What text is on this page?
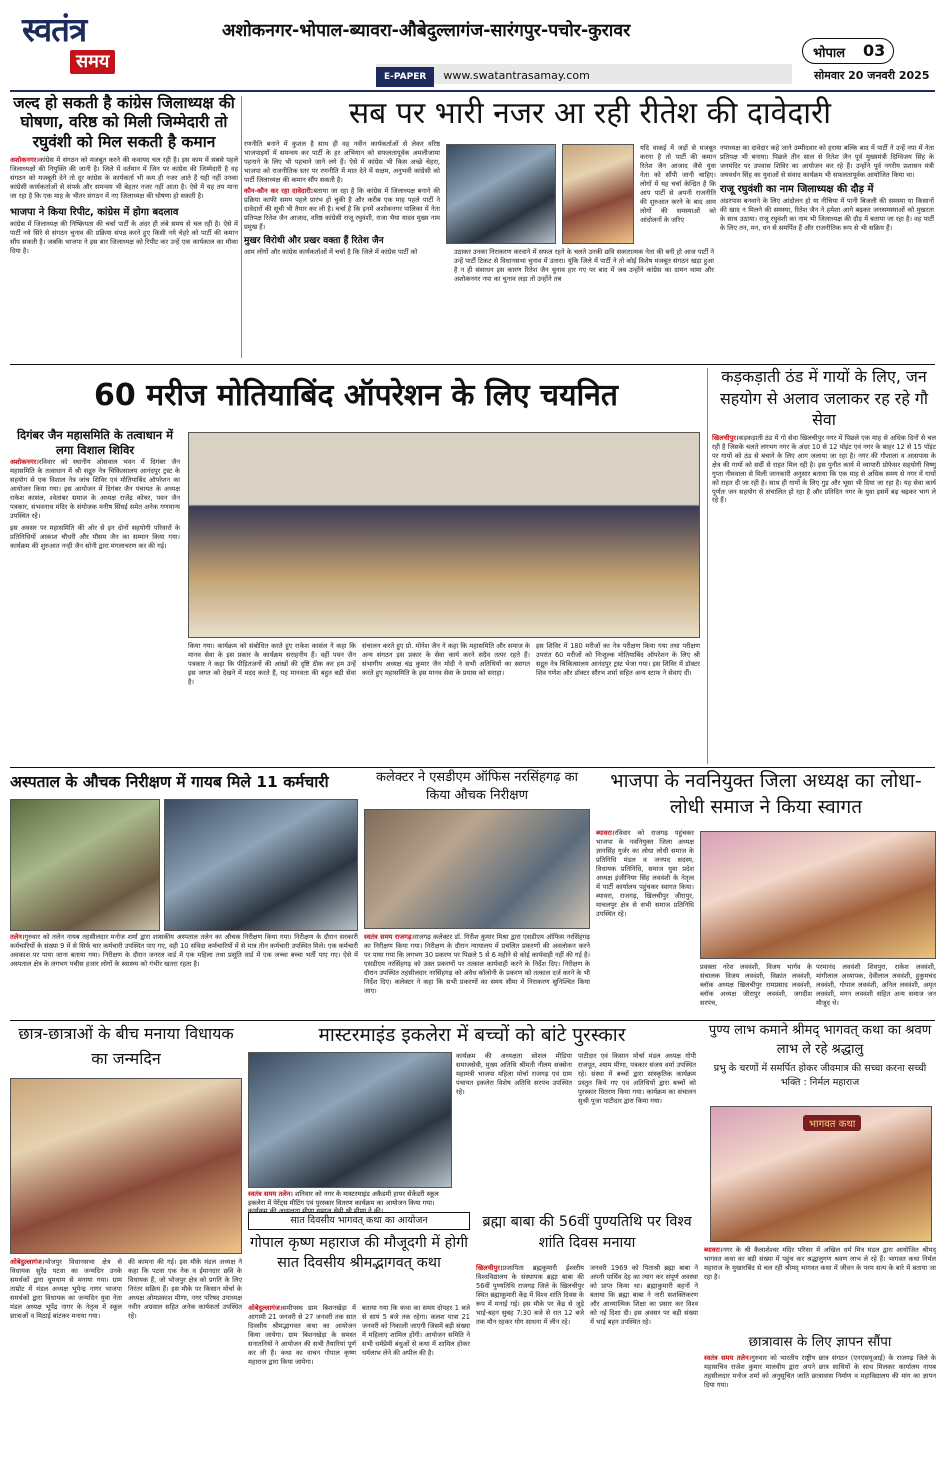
स्वतंत्र
समय
अशोकनगर-भोपाल-ब्यावरा-औबेदुल्लागंज-सारंगपुर-पचोर-कुरावर
E-PAPER www.swatantrasamay.com
भोपाल 03
सोमवार 20 जनवरी 2025
जल्द हो सकती है कांग्रेस जिलाध्यक्ष की घोषणा, वरिष्ठ को मिली जिम्मेदारी तो रघुवंशी को मिल सकती है कमान
अशोकनगर।कांग्रेस में संगठन को मजबूत करने की कवायद चल रही है। इस काम में सबसे पहले जिलाध्यक्षों की नियुक्ति की जानी है। जिले में वर्तमान में जिन पर कांग्रेस की जिम्मेदारी है वह संगठन को मजबूती देने तो दूर कांग्रेस के कार्यकर्ता भी कम ही नजर आते हैं यही नहीं उनका कांग्रेसी कार्यकर्ताओं से संपर्क और समन्वय भी बेहतर नजर नहीं आता है। ऐसे में यह तय माना जा रहा है कि एक माह के भीतर संगठन में नए जिलाध्यक्ष की घोषणा हो सकती है।
भाजपा ने किया रिपीट, कांग्रेस में होगा बदलाव
कांग्रेस में जिलाध्यक्ष की निष्क्रियता की चर्चा पार्टी के अंदर ही लंबे समय से चल रही है। ऐसे में पार्टी नये सिरे से संगठन चुनाव की प्रक्रिया संपन्न करने हुए किसी नये चेहरे को पार्टी की कमान सौंप सकती है। जबकि भाजपा ने इस बार जिलाध्यक्ष को रिपीट कर उन्हें एक कार्यकाल का मौका दिया है।
सब पर भारी नजर आ रही रीतेश की दावेदारी
रणनीति बनाने में कुशल है साथ ही वह नवीन कार्यकर्ताओं से लेकर वरिष्ठ भाजपाइयों में समन्वय कर पार्टी के हर अभियान को सफलतापूर्वक अमलीजामा पहनाने के लिए भी पहचाने जाने लगे हैं। ऐसे में कांग्रेस भी किस अच्छे चेहरा, भाजपा को राजनीतिक स्तर पर रणनीति में मात देने में सक्षम, अनुभवी कांग्रेसी को पार्टी जिलाध्यक्ष की कमान सौंप सकती है।
कौन-कौन कर रहा दावेदारी:बताया जा रहा है कि कांग्रेस में जिलाध्यक्ष बनाने की प्रक्रिया काफी समय पहले प्रारंभ हो चुकी है और करीब एक माह पहले पार्टी ने दावेदारों की सूची भी तैयार कर ली है। चर्चा है कि इनमें अशोकनगर पालिका में नेता प्रतिपक्ष रितेश जैन आजाद, वरिष्ठ कांग्रेसी राजू रघुवंशी, राजा भैया यादव मुख्य नाम प्रमुख हैं।
मुखर विरोधी और प्रखर वक्ता हैं रितेश जैन
आम लोगों और कांग्रेस कार्यकर्ताओं में चर्चा है कि जिले में कांग्रेस पार्टी को	उठाकर उनका निराकरण करवाने में सफल रहने के चलते उनकी छवि सकारात्मक नेता की बनी हो आज पार्टी ने उन्हें पार्टी टिकट से विधानसभा चुनाव में उतारा। यूंकि जिले में पार्टी ने तो कोई विशेष मजबूत संगठन खड़ा हुआ है न ही संसाधन इस कारण रितेश जैन चुनाव हार गए पर बाद में जब उन्होंने कांग्रेस का दामन थामा और अशोकनगर नपा का चुनाव लड़ा तो उन्होंने तब
यदि वाकई में जड़ों से मजबूत करना है तो पार्टी की कमान रितेश जैन आजाद जैसे युवा नेता को सौंपी जानी चाहिए। लोगों में यह चर्चा केन्द्रित है कि आप पार्टी से अपनी राजनीति की शुरुआत करने के बाद आम लोगों की समस्याओं को आंदोलनों के जरिए
नपाध्यक्ष का दावेदार कहे जाने उम्मीदवार को हराया बल्कि बाद में पार्टी ने उन्हें नपा में नेता प्रतिपक्ष भी बनाया। पिछले तीन साल से रितेश जैन पूर्व मुख्यमंत्री दिग्विजय सिंह के जनमंदिर पर उपवास शिविर का आयोजन कर रहे हैं। उन्होंने पूर्व नगरीय प्रशासन मंत्री जयवर्धन सिंह का युवाओं से संवाद कार्यक्रम भी सफलतापूर्वक आयोजित किया था।
राजू रघुवंशी का नाम जिलाध्यक्ष की दौड़ में
अंडरपास बनवाने के लिए आंदोलन हो या नीचिया में पानी बिजली की समस्या या किसानों की खाद न मिलने की समस्या, रितेश जैन ने हमेशा आगे बढ़कर जनसमस्याओं को मुखरता के साथ उठाया। राजू रघुवंशी का नाम भी जिलाध्यक्ष की दौड़ में बताया जा रहा है। वह पार्टी के लिए तन, मन, धन से समर्पित हैं और राजनीतिक रूप से भी सक्रिय हैं।
60 मरीज मोतियाबिंद ऑपरेशन के लिए चयनित
दिगंबर जैन महासमिति के तत्वाधान में लगा विशाल शिविर
अशोकनगर।रविवार को स्थानीय ओसवाल भवन में दिगंबर जैन महासमिति के तत्वाधान में श्री सद्गुरु नेत्र चिकित्सालय आनंदपुर ट्रस्ट के सहयोग से एक विशाल नेत्र जांच शिविर एवं मोतियाबिंद ऑपरेशन का आयोजन किया गया। इस आयोजन में दिगंबर जैन पंचायत के अध्यक्ष राकेश कासंल, श्वेतांबर समाज के अध्यक्ष राजेंद्र कोचर, पवन जैन पत्रकार, संभवनाथ मंदिर के संयोजक मनीष सिंघई समेत अनेक गणमान्य उपस्थित रहे।
इस अवसर पर महासमिति की ओर से इन दोनों सहयोगी परिवारों के प्रतिनिधियों आकाश चौधरी और मौसम जैन का सम्मान किया गया। कार्यक्रम की शुरुआत नन्ही जैन सोनी द्वारा मंगलाचरण कर की गई।
किया गया। कार्यक्रम को संबोधित करते हुए राकेश कासंल ने कहा कि मानव सेवा के इस प्रकार के कार्यक्रम सराहनीय हैं। वहीं पवन जैन पत्रकार ने कहा कि पीड़ितजनों की आंखों की दृष्टि ठीक कर हम उन्हें इस जगत को देखने में मदद करते हैं, यह मानवता की बहुत बड़ी सेवा है।
संचालन करते हुए प्रो. मोनेश जैन ने कहा कि महासमिति और समाज के अन्य संगठन इस प्रकार के सेवा कार्य करने सदैव तत्पर रहते हैं। संभागीय अध्यक्ष चंद्र कुमार जैन मोदी ने सभी अतिथियों का स्वागत करते हुए महासमिति के इस मानव सेवा के प्रयास को सराहा।
इस शिविर में 180 मरीजों का नेत्र परीक्षण किया गया तथा परीक्षण उपरांत 60 मरीजों को निःशुल्क मोतियाबिंद ऑपरेशन के लिए श्री सद्गुरु नेत्र चिकित्सालय आनंदपुर ट्रस्ट भेजा गया। इस शिविर में डॉक्टर शिव गणेश और डॉक्टर सौरभ शर्मा सहित अन्य स्टाफ ने सेवाएं दीं।
कड़कड़ाती ठंड में गायों के लिए, जन सहयोग से अलाव जलाकर रह रहे गौ सेवा
खिलचीपुर।कड़कड़ाती ठंड में गो सेवा खिलचीपुर नगर में पिछले एक माह से अधिक दिनों से चल रही है जिसके चलते लगभग नगर के अंदर 10 से 12 पॉइंट एवं नगर के बाहर 12 से 15 पॉइंट पर गायों को ठंड से बचाने के लिए आग जलाया जा रहा है। नगर की गौशाला व आसपास के क्षेत्र की गायों को सर्दी से राहत मिल रही है। इस पुनीत कार्य में व्यापारी प्रोफेसर सहयोगी विष्णु गुप्ता नीमवाला से मिली जानकारी अनुसार बताया कि एक माह से अधिक समय से नगर में गायों को राहत दी जा रही है। साथ ही गायों के लिए गुड़ और भूसा भी दिया जा रहा है। यह सेवा कार्य पूर्णतः जन सहयोग से संचालित हो रहा है और प्रतिदिन नगर के युवा इसमें बढ़ चढ़कर भाग ले रहे हैं।
अस्पताल के औचक निरीक्षण में गायब मिले 11 कर्मचारी
तलेन।गुरुवार को तलेन नायब तहसीलदार मनोज शर्मा द्वारा शासकीय अस्पताल तलेन का औचक निरीक्षण किया गया। निरीक्षण के दौरान सरकारी कर्मचारियों के संख्या 9 में से सिर्फ चार कर्मचारी उपस्थित पाए गए, वही 10 संविदा कर्मचारियों में से मात्र तीन कर्मचारी उपस्थित मिले। एक कर्मचारी अवकाश पर पाया जाना बताया गया। निरीक्षण के दौरान जनरल वार्ड में एक महिला तथा प्रसूति वार्ड में एक जच्चा बच्चा भर्ती पाए गए। ऐसे में अस्पताल क्षेत्र के लगभग पचीस हजार लोगों के स्वास्थ्य को गंभीर खतरा रहता है।
कलेक्टर ने एसडीएम ऑफिस नरसिंहगढ़ का किया औचक निरीक्षण
स्वतंत्र समय राजगढ़।राजगढ़ कलेक्टर डॉ. गिरीश कुमार मिश्रा द्वारा एसडीएम ऑफिस नरसिंहगढ़ का निरीक्षण किया गया। निरीक्षण के दौरान न्यायालय में प्रचलित प्रकरणों की अवलोकन करने पर पाया गया कि लगभग 30 प्रकरण पर पिछले 5 से 6 महीने से कोई कार्यवाही नहीं की गई है। एसडीएम नरसिंहगढ़ को उक्त प्रकरणों पर तत्काल कार्यवाही करने के निर्देश दिए। निरीक्षण के दौरान उपस्थित तहसीलदार नरसिंहगढ़ को अवैध कॉलोनी के प्रकरण को तत्काल दर्ज करने के भी निर्देश दिए। कलेक्टर ने कहा कि सभी प्रकरणों का समय सीमा में निराकरण सुनिश्चित किया जाए।
भाजपा के नवनियुक्त जिला अध्यक्ष का लोधा- लोधी समाज ने किया स्वागत
ब्यावरा।रविवार को राजगढ़ पहुंचकर भाजपा के नवनियुक्त जिला अध्यक्ष ज्ञानसिंह गुर्जर का लोधा लोधी समाज के प्रतिनिधि मंडल व जनपद सदस्य, विधायक प्रतिनिधि, समाज युवा प्रदेश अध्यक्ष इंजीनियर सिंह लववंशी के नेतृत्व में पार्टी कार्यालय पहुंचकर स्वागत किया। ब्यावरा, राजगढ़, खिलचीपुर जीरापुर, माचलपुर क्षेत्र से सभी समाज प्रतिनिधि उपस्थित रहे।
प्रवक्ता नरेश लववंशी, विजय भार्गव के संचालक विजय लववंशी, विक्रांत लववंशी, ब्लॉक अध्यक्ष खिलचीपुर रामप्रसाद लववंशी, ब्लॉक अध्यक्ष जीरापुर लववंशी, जगदीश सरपंच,
परमानंद लववंशी शिवपुरा, राकेश लववंशी, मांगीलाल अध्यापक, देवीलाल लववंशी, हुकुमचंद लववंशी, गोपाल लववंशी, अनिल लववंशी, अमृत लववंशी, मगन लववंशी सहित अन्य समाज जन मौजूद थे।
छात्र-छात्राओं के बीच मनाया विधायक का जन्मदिन
ओबेदुल्लागंज।भोजपुर विधानसभा क्षेत्र से विधायक सुरेंद्र पटवा का जन्मदिन उनके समर्थकों द्वारा धूमधाम से मनाया गया। ग्राम ताम्रोट में मंडल अध्यक्ष भूपेन्द्र नागर भाजपा समर्थकों द्वारा विधायक का जन्मदिन युवा नेता मंडल अध्यक्ष भूपेंद्र नागर के नेतृत्व में स्कूल छात्राओं व मिठाई बांटकर मनाया गया।
की कामना की गई। इस मौके मंडल अध्यक्ष ने कहा कि पटवा एक नेक व ईमानदार छवि के विधायक हैं, जो भोजपुर क्षेत्र को प्रगति के लिए निरंतर सक्रिय हैं। इस मौके पर किसान मोर्चा के अध्यक्ष ओमप्रकाश मीणा, नगर परिषद उपाध्यक्ष नवीन अग्रवाल सहित अनेक कार्यकर्ता उपस्थित रहे।
मास्टरमाइंड इकलेरा में बच्चों को बांटे पुरस्कार
स्वतंत्र समय तलेन। शनिवार को नगर के मास्टरमाइंड अकैडमी हायर सेकेंडरी स्कूल इकलेरा में पेरेंट्स मीटिंग एवं पुरस्कार वितरण कार्यक्रम का आयोजन किया गया। कार्यक्रम की अध्यक्षता मीणा समाज सेवी श्री मीणा ने की।
कार्यक्रम की अध्यक्षता सोशल मीडिया समाजसेवी, मुख्य अतिथि श्रीमती नीलम सक्सेना महामंत्री भाजपा महिला मोर्चा राजगढ़ एवं ग्राम पंचायत इकलेरा विशेष अतिथि सरपंच उपस्थित रहे।
पाटीदार एवं किसान मोर्चा मंडल अध्यक्ष गोपी राजपूत, श्याम मीणा, पत्रकार संजय वर्मा उपस्थित रहे। संस्था में बच्चों द्वारा सांस्कृतिक कार्यक्रम प्रस्तुत किये गए एवं अतिथियों द्वारा बच्चों को पुरस्कार वितरण किया गया। कार्यक्रम का संचालन सुश्री पूजा पाटीदार द्वारा किया गया।
पुण्य लाभ कमाने श्रीमद् भागवत् कथा का श्रवण लाभ ले रहे श्रद्धालु
प्रभु के चरणों में समर्पित होकर जीवमात्र की सच्चा करना सच्ची भक्ति : निर्मल महाराज
भागवत कथा
ब्यावरा।नगर के श्री कैलाशेश्वर मंदिर परिसर में अखिल धर्म मित्र मंडल द्वारा आयोजित श्रीमद् भागवत कथा का बड़ी संख्या में पहुंच कर श्रद्धालुगण श्रवण लाभ ले रहे हैं। भागवत कथा निर्मल महाराज के मुखारबिंद से चल रही श्रीमद् भागवत कथा में जीवन के परम सत्य के बारे में बताया जा रहा है।
छात्रावास के लिए ज्ञापन सौंपा
स्वतंत्र समय तलेन।गुरुवार को भारतीय राष्ट्रीय छात्र संगठन (एनएसयूआई) के राजगढ़ जिले के महासचिव राजेश कुमार मालवीय द्वारा अपने छात्र साथियों के साथ मिलकर कार्यालय नायब तहसीलदार मनोज शर्मा को अनुसूचित जाति छात्रावास निर्माण व महाविद्यालय की मांग का ज्ञापन दिया गया।
सात दिवसीय भागवत् कथा का आयोजन
गोपाल कृष्ण महाराज की मौजूदगी में होगी सात दिवसीय श्रीमद्भागवत् कथा
ओबेदुल्लागंज।समीपस्थ ग्राम बिशनखेड़ा में आगामी 21 जनवरी से 27 जनवरी तक सात दिवसीय श्रीमद्भागवत कथा का आयोजन किया जायेगा। ग्राम बिशनखेड़ा के समस्त सनातनियों ने आयोजन की सभी तैयारियां पूर्ण कर ली हैं। कथा का वाचन गोपाल कृष्ण महाराज द्वारा किया जायेगा।
बताया गया कि कथा का समय दोपहर 1 बजे से सायं 5 बजे तक रहेगा। कलश यात्रा 21 जनवरी को निकाली जाएगी जिसमें बड़ी संख्या में महिलाएं शामिल होंगी। आयोजन समिति ने सभी धर्मप्रेमी बंधुओं से कथा में शामिल होकर धर्मलाभ लेने की अपील की है।
ब्रह्मा बाबा की 56वीं पुण्यतिथि पर विश्व शांति दिवस मनाया
खिलचीपुर।प्रजापिता ब्रह्मकुमारी ईश्वरीय विश्वविद्यालय के संस्थापक ब्रह्मा बाबा की 56वीं पुण्यतिथि राजगढ़ जिले के खिलचीपुर स्थित ब्रह्माकुमारी केंद्र में विश्व शांति दिवस के रूप में मनाई गई। इस मौके पर केंद्र से जुड़े भाई-बहन सुबह 7:30 बजे से रात 12 बजे तक मौन रहकर योग साधना में लीन रहे।
जनवरी 1969 को पिताश्री ब्रह्मा बाबा ने अपनी पार्थिव देह का त्याग कर संपूर्ण अवस्था को प्राप्त किया था। ब्रह्माकुमारी बहनों ने बताया कि ब्रह्मा बाबा ने नारी सशक्तिकरण और आध्यात्मिक शिक्षा का प्रसार कर विश्व को नई दिशा दी। इस अवसर पर बड़ी संख्या में भाई बहन उपस्थित रहे।
